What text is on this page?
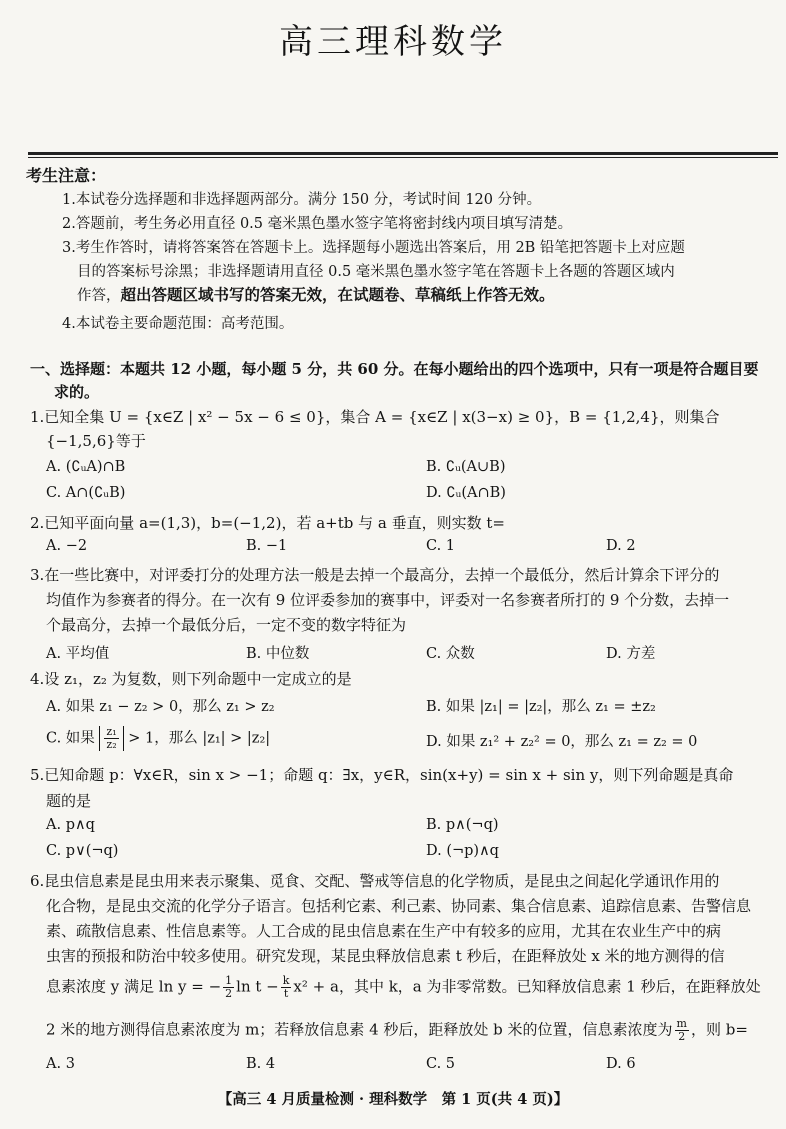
高三理科数学
考生注意：
1.本试卷分选择题和非选择题两部分。满分 150 分，考试时间 120 分钟。
2.答题前，考生务必用直径 0.5 毫米黑色墨水签字笔将密封线内项目填写清楚。
3.考生作答时，请将答案答在答题卡上。选择题每小题选出答案后，用 2B 铅笔把答题卡上对应题
目的答案标号涂黑；非选择题请用直径 0.5 毫米黑色墨水签字笔在答题卡上各题的答题区域内
作答，超出答题区域书写的答案无效，在试题卷、草稿纸上作答无效。
4.本试卷主要命题范围：高考范围。
一、选择题：本题共 12 小题，每小题 5 分，共 60 分。在每小题给出的四个选项中，只有一项是符合题目要
求的。
1.已知全集 U = {x∈Z | x² − 5x − 6 ≤ 0}，集合 A = {x∈Z | x(3−x) ≥ 0}，B = {1,2,4}，则集合
{−1,5,6}等于
A. (∁ᵤA)∩B	B. ∁ᵤ(A∪B)
C. A∩(∁ᵤB)	D. ∁ᵤ(A∩B)
2.已知平面向量 a=(1,3)，b=(−1,2)，若 a+tb 与 a 垂直，则实数 t=
A. −2	B. −1	C. 1	D. 2
3.在一些比赛中，对评委打分的处理方法一般是去掉一个最高分，去掉一个最低分，然后计算余下评分的
均值作为参赛者的得分。在一次有 9 位评委参加的赛事中，评委对一名参赛者所打的 9 个分数，去掉一
个最高分，去掉一个最低分后，一定不变的数字特征为
A. 平均值	B. 中位数	C. 众数	D. 方差
4.设 z₁，z₂ 为复数，则下列命题中一定成立的是
A. 如果 z₁ − z₂ > 0，那么 z₁ > z₂	B. 如果 |z₁| = |z₂|，那么 z₁ = ±z₂
C. 如果 $\frac{\text{z₁}}{\text{z₂}} > 1$，那么 |z₁| > |z₂|	D. 如果 z₁² + z₂² = 0，那么 z₁ = z₂ = 0
5.已知命题 p：∀x∈R，sin x > −1；命题 q：∃x，y∈R，sin(x+y) = sin x + sin y，则下列命题是真命
题的是
A. p∧q	B. p∧(¬q)
C. p∨(¬q)	D. (¬p)∧q
6.昆虫信息素是昆虫用来表示聚集、觅食、交配、警戒等信息的化学物质，是昆虫之间起化学通讯作用的
化合物，是昆虫交流的化学分子语言。包括利它素、利己素、协同素、集合信息素、追踪信息素、告警信息
素、疏散信息素、性信息素等。人工合成的昆虫信息素在生产中有较多的应用，尤其在农业生产中的病
虫害的预报和防治中较多使用。研究发现，某昆虫释放信息素 t 秒后，在距释放处 x 米的地方测得的信
息素浓度 y 满足 ln y = − $\frac{1}{2}$ $\ln t - \frac{k}{t} x^2 + a$，其中 k，a 为非零常数。已知释放信息素 1 秒后，在距释放处
2 米的地方测得信息素浓度为 m；若释放信息素 4 秒后，距释放处 b 米的位置，信息素浓度为 $\frac{m}{2}$ ，则 b=
A. 3	B. 4	C. 5	D. 6
【高三 4 月质量检测 · 理科数学　第 1 页(共 4 页)】
